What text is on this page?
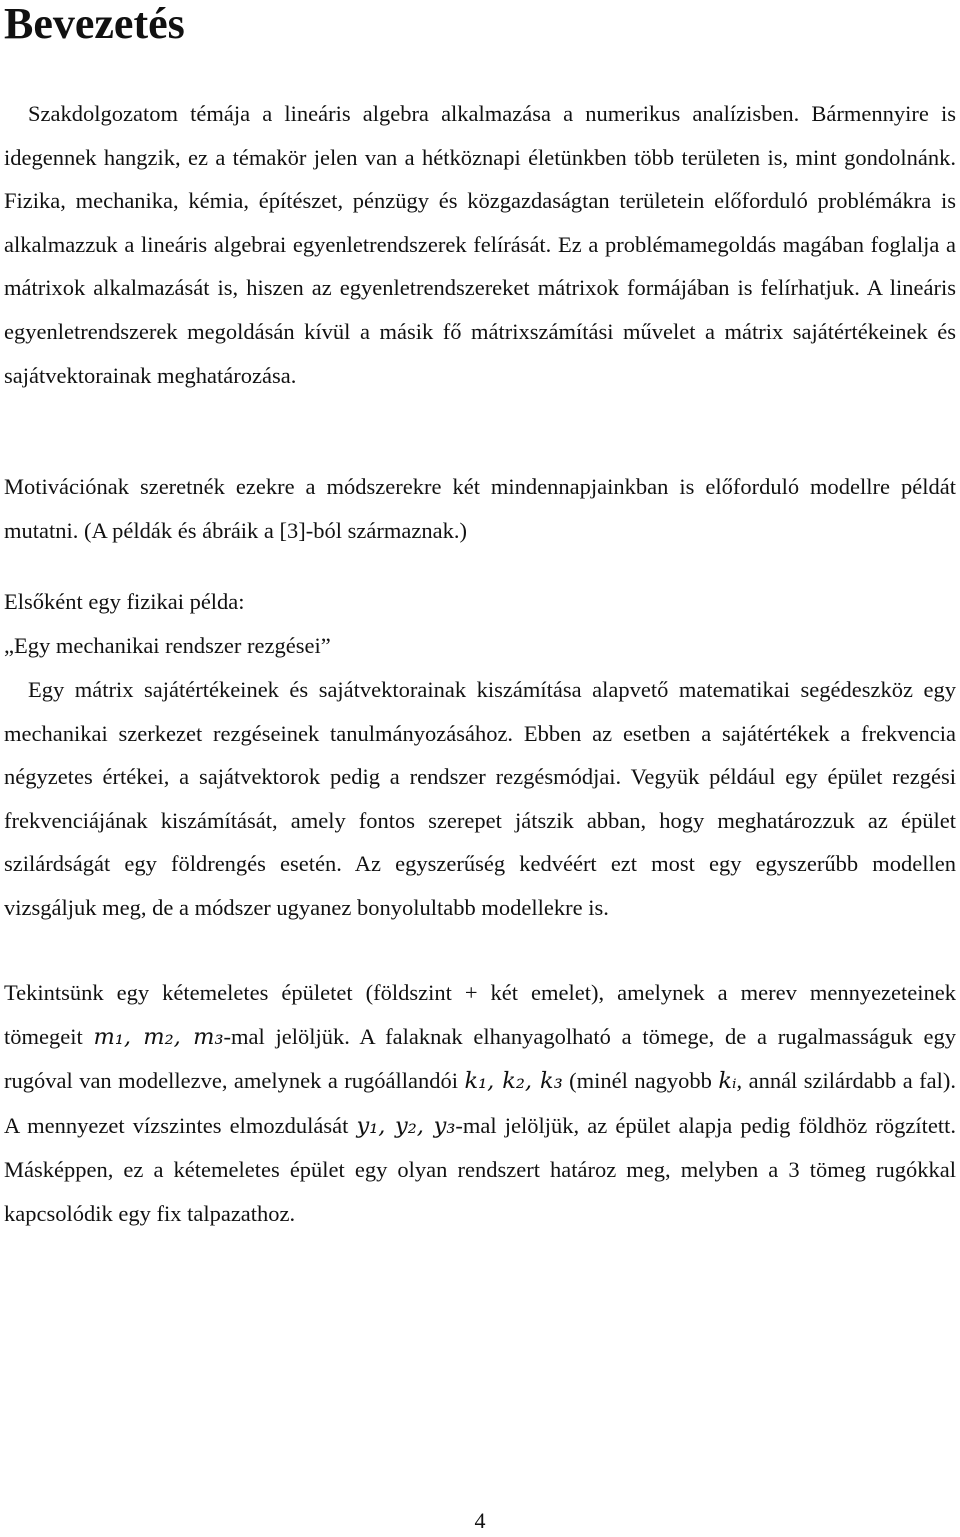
Bevezetés

Szakdolgozatom témája a lineáris algebra alkalmazása a numerikus analízisben. Bármennyire is idegennek hangzik, ez a témakör jelen van a hétköznapi életünkben több területen is, mint gondolnánk. Fizika, mechanika, kémia, építészet, pénzügy és közgazdaságtan területein előforduló problémákra is alkalmazzuk a lineáris algebrai egyenletrendszerek felírását. Ez a problémamegoldás magában foglalja a mátrixok alkalmazását is, hiszen az egyenletrendszereket mátrixok formájában is felírhatjuk. A lineáris egyenletrendszerek megoldásán kívül a másik fő mátrixszámítási művelet a mátrix sajátértékeinek és sajátvektorainak meghatározása.

Motivációnak szeretnék ezekre a módszerekre két mindennapjainkban is előforduló modellre példát mutatni. (A példák és ábráik a [3]-ból származnak.)

Elsőként egy fizikai példa:
„Egy mechanikai rendszer rezgései”

Egy mátrix sajátértékeinek és sajátvektorainak kiszámítása alapvető matematikai segédeszköz egy mechanikai szerkezet rezgéseinek tanulmányozásához. Ebben az esetben a sajátértékek a frekvencia négyzetes értékei, a sajátvektorok pedig a rendszer rezgésmódjai. Vegyük például egy épület rezgési frekvenciájának kiszámítását, amely fontos szerepet játszik abban, hogy meghatározzuk az épület szilárdságát egy földrengés esetén. Az egyszerűség kedvéért ezt most egy egyszerűbb modellen vizsgáljuk meg, de a módszer ugyanez bonyolultabb modellekre is.

Tekintsünk egy kétemeletes épületet (földszint + két emelet), amelynek a merev mennyezeteinek tömegeit m₁, m₂, m₃-mal jelöljük. A falaknak elhanyagolható a tömege, de a rugalmasságuk egy rugóval van modellezve, amelynek a rugóállandói k₁, k₂, k₃ (minél nagyobb kᵢ, annál szilárdabb a fal). A mennyezet vízszintes elmozdulását y₁, y₂, y₃-mal jelöljük, az épület alapja pedig földhöz rögzített. Másképpen, ez a kétemeletes épület egy olyan rendszert határoz meg, melyben a 3 tömeg rugókkal kapcsolódik egy fix talpazathoz.

4
